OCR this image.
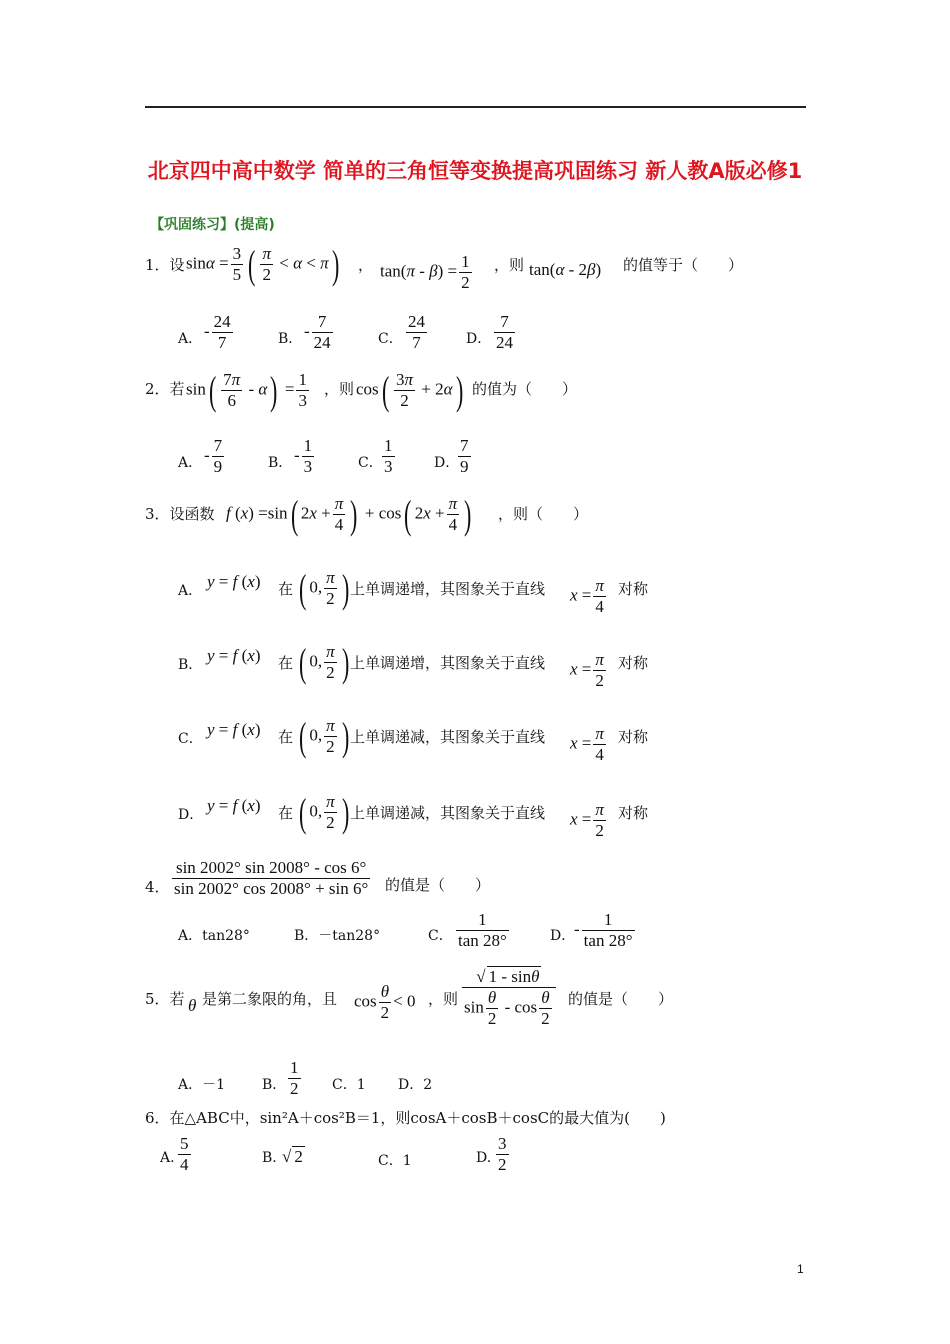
北京四中高中数学 简单的三角恒等变换提高巩固练习 新人教A版必修1
【巩固练习】(提高)
1．设 $\sin\alpha = \frac{3}{5}$ ( $\frac{\pi}{2} < \alpha < \pi$) ， $\tan(\pi - \beta) = \frac{1}{2}$ ，则 tan(α - 2β) 的值等于（　　）
A． - $\frac{24}{7}$	B． - $\frac{7}{24}$	C． $\frac{24}{7}$	D． $\frac{7}{24}$
2．若 $\sin( \frac{7\pi}{6} - \alpha) = \frac{1}{3}$ ，则 $\cos( \frac{3\pi}{2} + 2\alpha)$ 的值为（　　）
A． - $\frac{7}{9}$	B． - $\frac{1}{3}$	C． $\frac{1}{3}$	D．
$\frac{7}{9}$
3．设函数 f (x) =sin( $2x + \frac{\pi}{4}$ ) + cos( $2x + \frac{\pi}{4}$ ) ，则（　　）
A． y = f (x) 在 ( 0, $\frac{\pi}{2}$ ) 上单调递增，其图象关于直线 $x = \frac{\pi}{4}$ 对称
B． y = f (x) 在 ( 0, $\frac{\pi}{2}$ ) 上单调递增，其图象关于直线 $x = \frac{\pi}{2}$ 对称
C． y = f (x) 在 ( 0, $\frac{\pi}{2}$ ) 上单调递减，其图象关于直线 $x = \frac{\pi}{4}$ 对称
D． y = f (x) 在 ( 0, $\frac{\pi}{2}$ ) 上单调递减，其图象关于直线 $x = \frac{\pi}{2}$ 对称
4． $\frac{\sin 2002^\circ \sin 2008^\circ - \cos 6^\circ}{\sin 2002^\circ \cos 2008^\circ + \sin 6^\circ}$ 的值是（　　）
A．tan28°	B．－tan28°	C． $\frac{1}{\tan 28^\circ}$	D．
- $\frac{1}{\tan 28^\circ}$
5．若 θ 是第二象限的角，且 $\cos \frac{\theta}{2} < 0$ ，则 $\frac{√ 1 - \sin\theta}{\sin \frac{\theta}{2} - \cos \frac{\theta}{2}}$ 的值是（　　）
A．－1	B． $\frac{1}{2}$ C．1 D．2
6．在△ABC中，sin²A＋cos²B＝1，则cosA＋cosB＋cosC的最大值为(　　)
A. $\frac{5}{4}$	B. √ 2	C．1	D. $\frac{3}{2}$
1
